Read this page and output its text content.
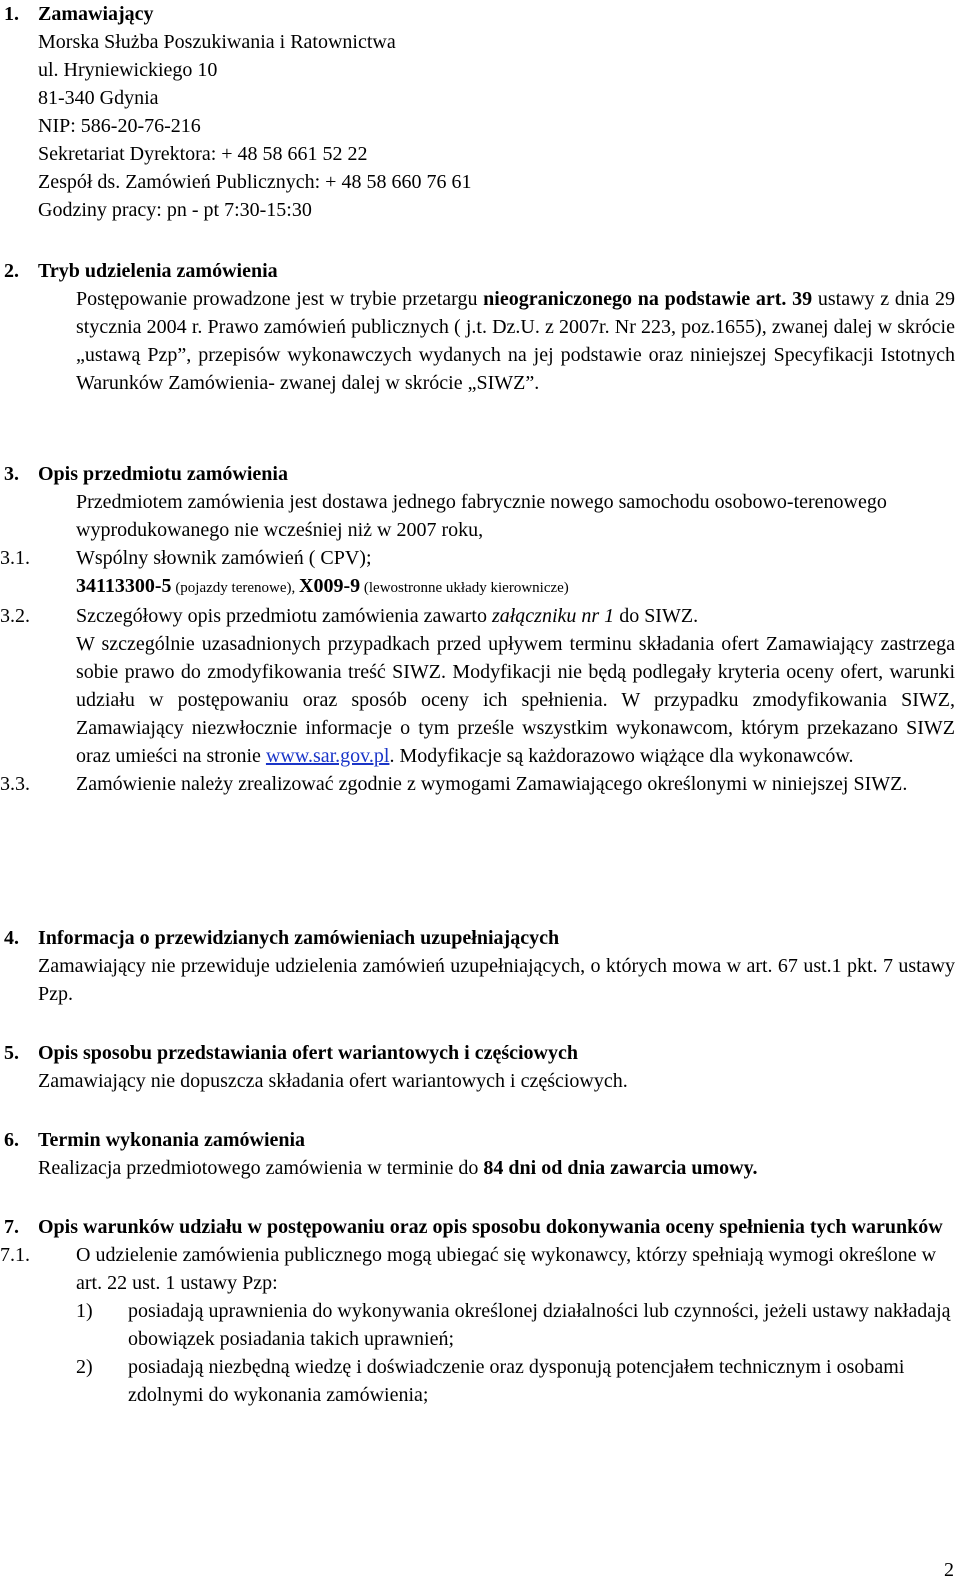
1. Zamawiający
Morska Służba Poszukiwania i Ratownictwa
ul. Hryniewickiego 10
81-340 Gdynia
NIP: 586-20-76-216
Sekretariat Dyrektora: + 48 58 661 52 22
Zespół ds. Zamówień Publicznych: + 48 58 660 76 61
Godziny pracy: pn - pt 7:30-15:30
2. Tryb udzielenia zamówienia
Postępowanie prowadzone jest w trybie przetargu nieograniczonego na podstawie art. 39 ustawy z dnia 29 stycznia 2004 r. Prawo zamówień publicznych ( j.t. Dz.U. z 2007r. Nr 223, poz.1655), zwanej dalej w skrócie „ustawą Pzp”, przepisów wykonawczych wydanych na jej podstawie oraz niniejszej Specyfikacji Istotnych Warunków Zamówienia- zwanej dalej w skrócie „SIWZ”.
3. Opis przedmiotu zamówienia
Przedmiotem zamówienia jest dostawa jednego fabrycznie nowego samochodu osobowo-terenowego wyprodukowanego nie wcześniej niż w 2007 roku,
3.1. Wspólny słownik zamówień ( CPV);
34113300-5 (pojazdy terenowe), X009-9 (lewostronne układy kierownicze)
3.2. Szczegółowy opis przedmiotu zamówienia zawarto załączniku nr 1 do SIWZ.
W szczególnie uzasadnionych przypadkach przed upływem terminu składania ofert Zamawiający zastrzega sobie prawo do zmodyfikowania treść SIWZ. Modyfikacji nie będą podlegały kryteria oceny ofert, warunki udziału w postępowaniu oraz sposób oceny ich spełnienia. W przypadku zmodyfikowania SIWZ, Zamawiający niezwłocznie informacje o tym prześle wszystkim wykonawcom, którym przekazano SIWZ oraz umieści na stronie www.sar.gov.pl. Modyfikacje są każdorazowo wiążące dla wykonawców.
3.3. Zamówienie należy zrealizować zgodnie z wymogami Zamawiającego określonymi w niniejszej SIWZ.
4. Informacja o przewidzianych zamówieniach uzupełniających
Zamawiający nie przewiduje udzielenia zamówień uzupełniających, o których mowa w art. 67 ust.1 pkt. 7 ustawy Pzp.
5. Opis sposobu przedstawiania ofert wariantowych i częściowych
Zamawiający nie dopuszcza składania ofert wariantowych i częściowych.
6. Termin wykonania zamówienia
Realizacja przedmiotowego zamówienia w terminie do 84 dni od dnia zawarcia umowy.
7. Opis warunków udziału w postępowaniu oraz opis sposobu dokonywania oceny spełnienia tych warunków
7.1. O udzielenie zamówienia publicznego mogą ubiegać się wykonawcy, którzy spełniają wymogi określone w art. 22 ust. 1 ustawy Pzp:
1) posiadają uprawnienia do wykonywania określonej działalności lub czynności, jeżeli ustawy nakładają obowiązek posiadania takich uprawnień;
2) posiadają niezbędną wiedzę i doświadczenie oraz dysponują potencjałem technicznym i osobami zdolnymi do wykonania zamówienia;
2
